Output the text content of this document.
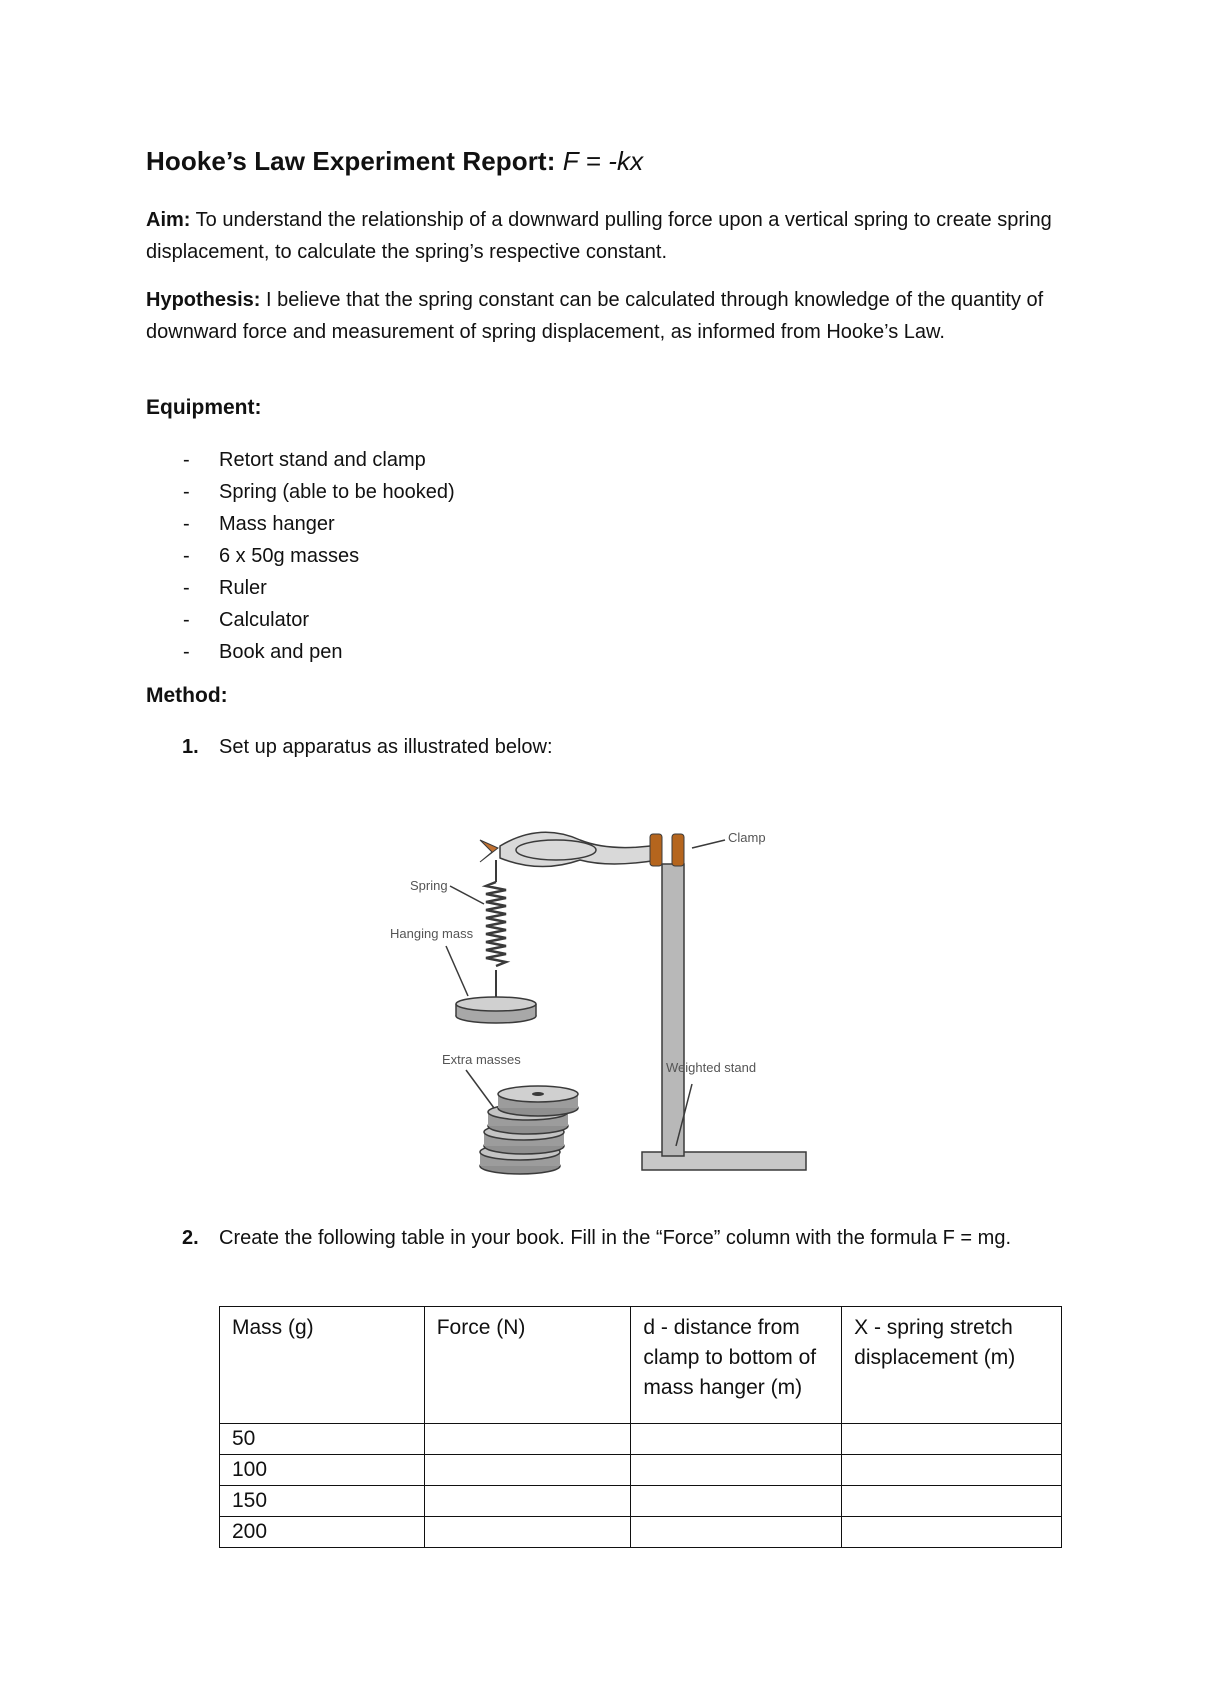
Hooke’s Law Experiment Report: F = -kx
Aim: To understand the relationship of a downward pulling force upon a vertical spring to create spring displacement, to calculate the spring’s respective constant.
Hypothesis: I believe that the spring constant can be calculated through knowledge of the quantity of downward force and measurement of spring displacement, as informed from Hooke’s Law.
Equipment:
- Retort stand and clamp
- Spring (able to be hooked)
- Mass hanger
- 6 x 50g masses
- Ruler
- Calculator
- Book and pen
Method:
1. Set up apparatus as illustrated below:
Clamp
Spring
Hanging mass
Extra masses
Weighted stand
2. Create the following table in your book. Fill in the “Force” column with the formula F = mg.
Mass (g)	Force (N)	d - distance from clamp to bottom of mass hanger (m)	X - spring stretch displacement (m)
50			
100			
150			
200			
